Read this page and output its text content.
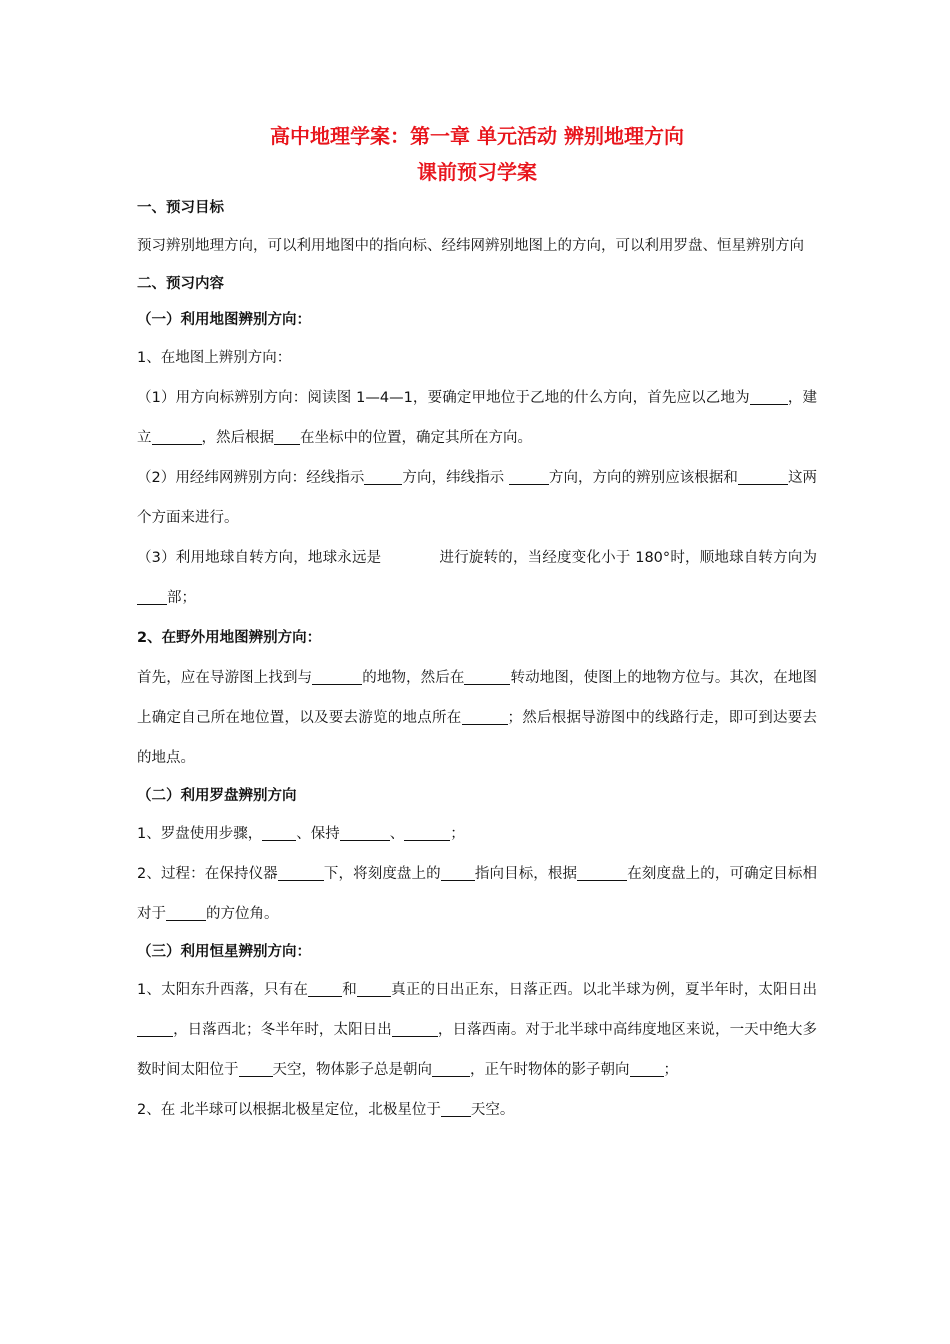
高中地理学案：第一章 单元活动 辨别地理方向

课前预习学案

一、预习目标

预习辨别地理方向，可以利用地图中的指向标、经纬网辨别地图上的方向，可以利用罗盘、恒星辨别方向

二、预习内容

（一）利用地图辨别方向：

1、在地图上辨别方向：

（1）用方向标辨别方向：阅读图 1—4—1，要确定甲地位于乙地的什么方向，首先应以乙地为	，建立	，然后根据 在坐标中的位置，确定其所在方向。

（2）用经纬网辨别方向：经线指示	方向，纬线指示	方向，方向的辨别应该根据和	这两个方面来进行。

（3）利用地球自转方向，地球永远是	进行旋转的，当经度变化小于 180°时，顺地球自转方向为部；

2、在野外用地图辨别方向：

首先，应在导游图上找到与	的地物，然后在	转动地图，使图上的地物方位与。其次，在地图上确定自己所在地位置，以及要去游览的地点所在	；然后根据导游图中的线路行走，即可到达要去的地点。

（二）利用罗盘辨别方向

1、罗盘使用步骤， 、保持	、	；

2、过程：在保持仪器	下，将刻度盘上的 指向目标，根据	在刻度盘上的，可确定目标相对于	的方位角。

（三）利用恒星辨别方向：

1、太阳东升西落，只有在 和 真正的日出正东，日落正西。以北半球为例，夏半年时，太阳日出，日落西北；冬半年时，太阳日出	，日落西南。对于北半球中高纬度地区来说，一天中绝大多数时间太阳位于 天空，物体影子总是朝向	，正午时物体的影子朝向 ；

2、在 北半球可以根据北极星定位，北极星位于 天空。
